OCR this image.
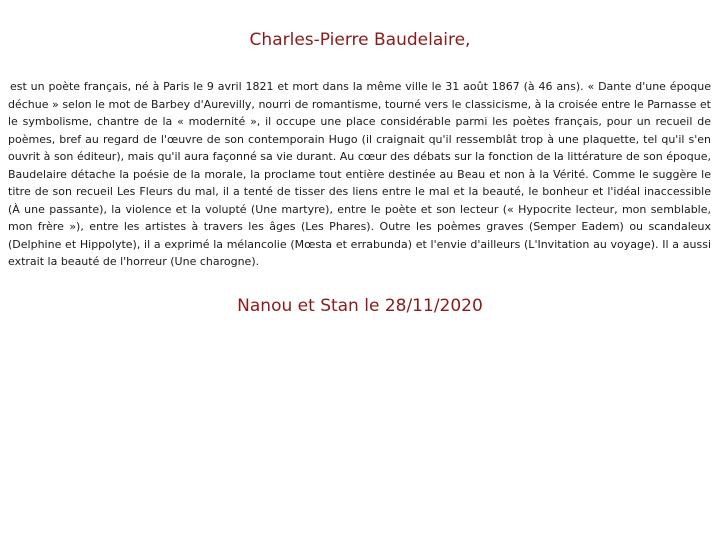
Charles-Pierre Baudelaire,
est un poète français, né à Paris le 9 avril 1821 et mort dans la même ville le 31 août 1867 (à 46 ans). « Dante d'une époque déchue » selon le mot de Barbey d'Aurevilly, nourri de romantisme, tourné vers le classicisme, à la croisée entre le Parnasse et le symbolisme, chantre de la « modernité », il occupe une place considérable parmi les poètes français, pour un recueil de poèmes, bref au regard de l'œuvre de son contemporain Hugo (il craignait qu'il ressemblât trop à une plaquette, tel qu'il s'en ouvrit à son éditeur), mais qu'il aura façonné sa vie durant. Au cœur des débats sur la fonction de la littérature de son époque, Baudelaire détache la poésie de la morale, la proclame tout entière destinée au Beau et non à la Vérité. Comme le suggère le titre de son recueil Les Fleurs du mal, il a tenté de tisser des liens entre le mal et la beauté, le bonheur et l'idéal inaccessible (À une passante), la violence et la volupté (Une martyre), entre le poète et son lecteur (« Hypocrite lecteur, mon semblable, mon frère »), entre les artistes à travers les âges (Les Phares). Outre les poèmes graves (Semper Eadem) ou scandaleux (Delphine et Hippolyte), il a exprimé la mélancolie (Mœsta et errabunda) et l'envie d'ailleurs (L'Invitation au voyage). Il a aussi extrait la beauté de l'horreur (Une charogne).
Nanou et Stan le 28/11/2020
